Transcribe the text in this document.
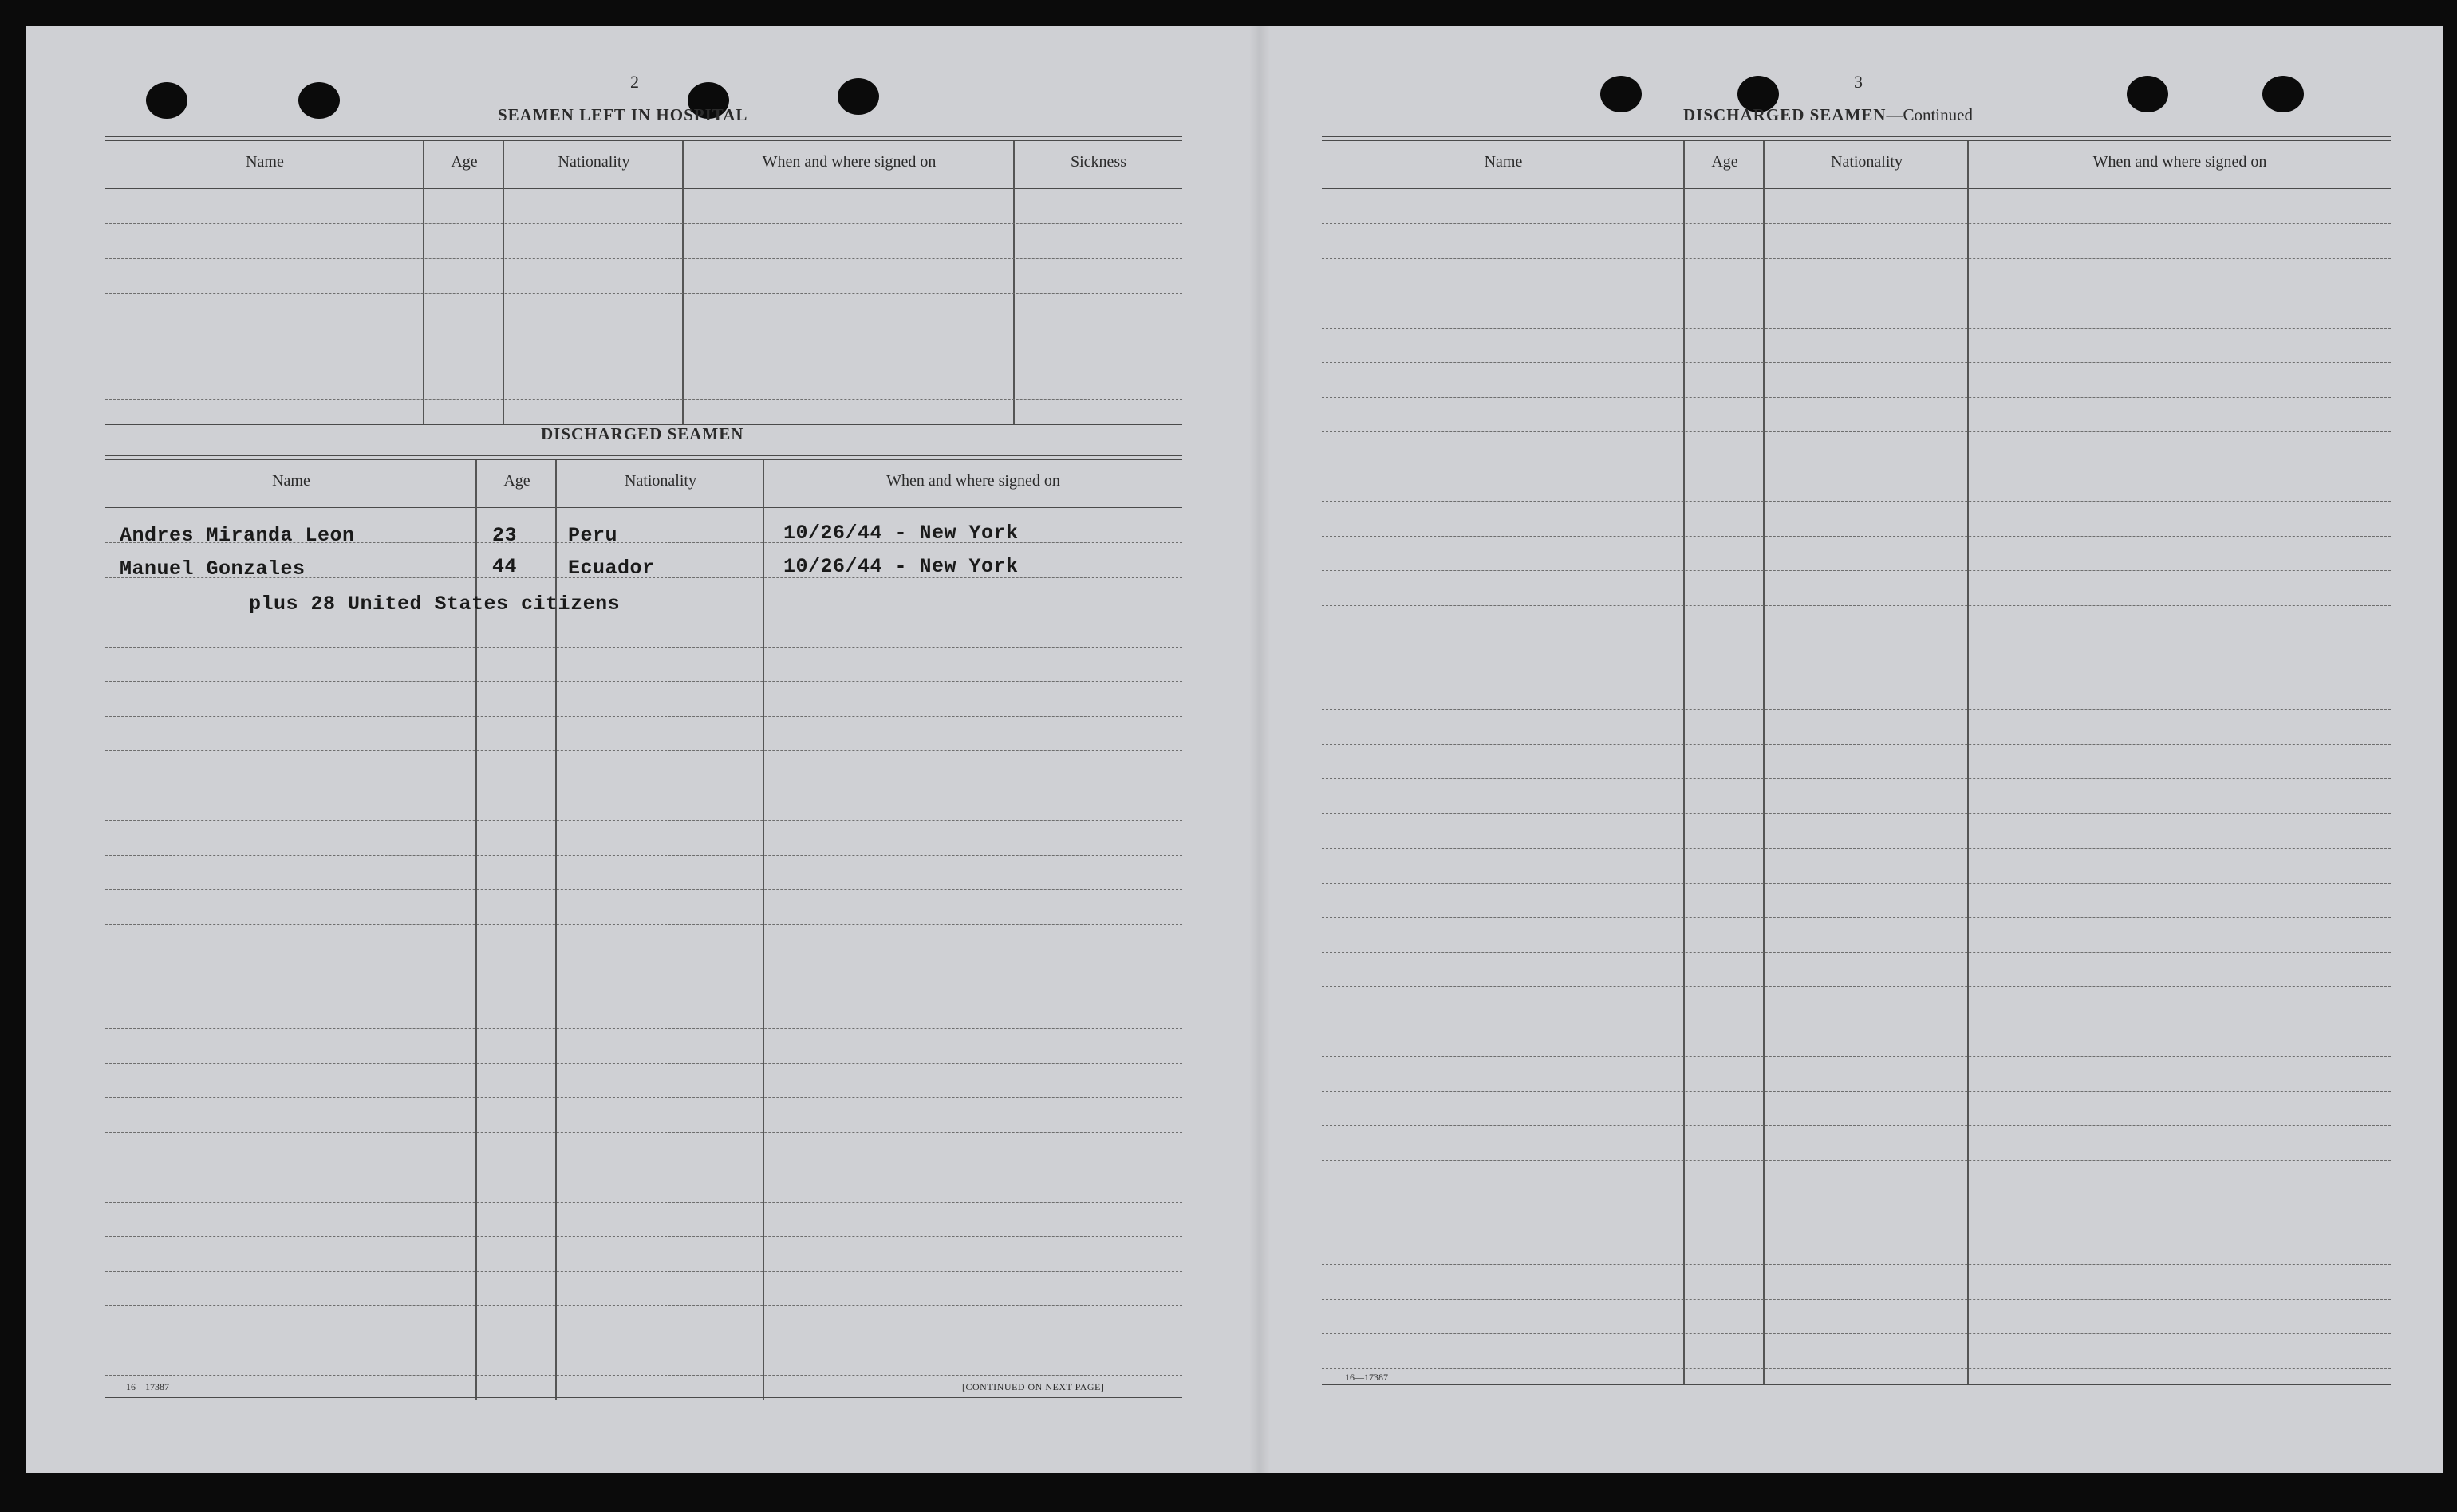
2
SEAMEN LEFT IN HOSPITAL
Name	Age	Nationality	When and where signed on	Sickness
DISCHARGED SEAMEN
Name	Age	Nationality	When and where signed on
Andres Miranda Leon	23	Peru	10/26/44 - New York
Manuel Gonzales	44	Ecuador	10/26/44 - New York
plus 28 United States citizens
16—17387	[CONTINUED ON NEXT PAGE]
3
DISCHARGED SEAMEN—Continued
Name	Age	Nationality	When and where signed on
16—17387
